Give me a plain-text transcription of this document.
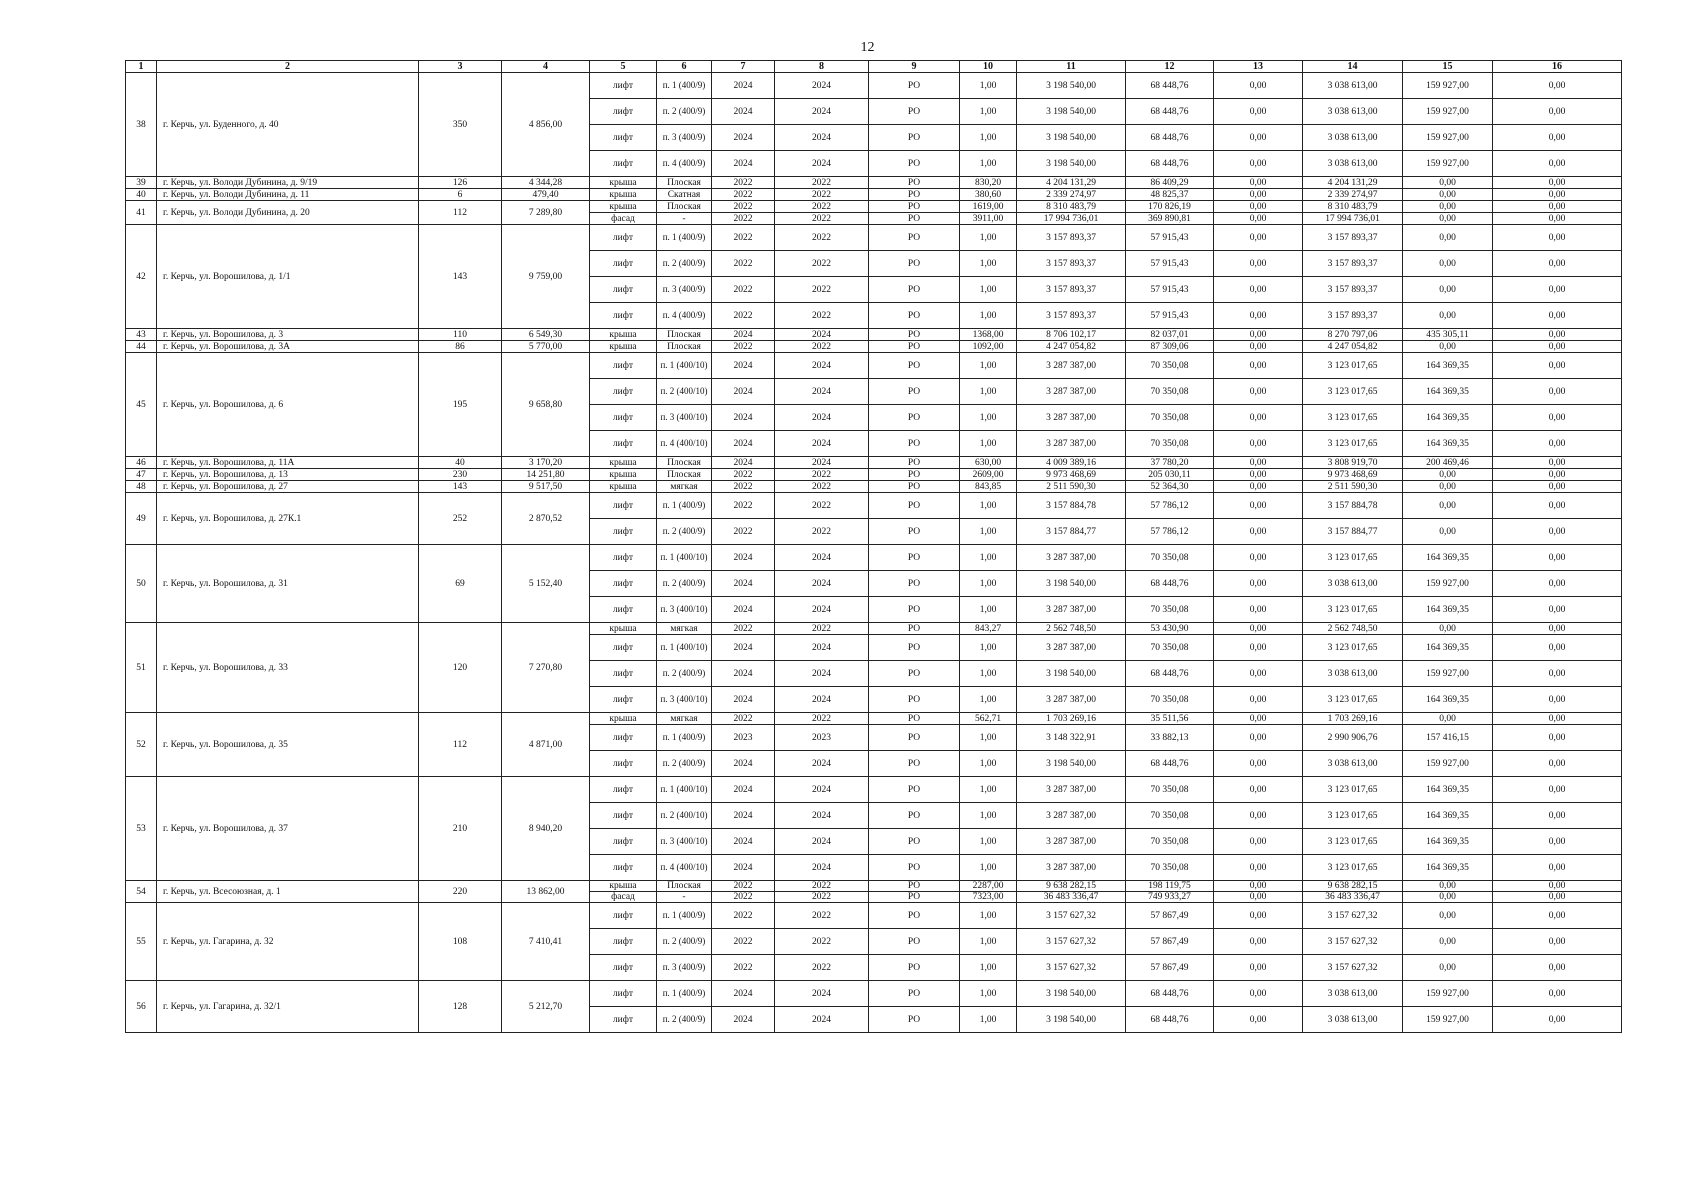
12
1	2	3	4	5	6	7	8	9	10	11	12	13	14	15	16
38	г. Керчь, ул. Буденного, д. 40	350	4 856,00	лифт	п. 1 (400/9)	2024	2024	РО	1,00	3 198 540,00	68 448,76	0,00	3 038 613,00	159 927,00	0,00
				лифт	п. 2 (400/9)	2024	2024	РО	1,00	3 198 540,00	68 448,76	0,00	3 038 613,00	159 927,00	0,00
				лифт	п. 3 (400/9)	2024	2024	РО	1,00	3 198 540,00	68 448,76	0,00	3 038 613,00	159 927,00	0,00
				лифт	п. 4 (400/9)	2024	2024	РО	1,00	3 198 540,00	68 448,76	0,00	3 038 613,00	159 927,00	0,00
39	г. Керчь, ул. Володи Дубинина, д. 9/19	126	4 344,28	крыша	Плоская	2022	2022	РО	830,20	4 204 131,29	86 409,29	0,00	4 204 131,29	0,00	0,00
40	г. Керчь, ул. Володи Дубинина, д. 11	6	479,40	крыша	Скатная	2022	2022	РО	380,60	2 339 274,97	48 825,37	0,00	2 339 274,97	0,00	0,00
41	г. Керчь, ул. Володи Дубинина, д. 20	112	7 289,80	крыша	Плоская	2022	2022	РО	1619,00	8 310 483,79	170 826,19	0,00	8 310 483,79	0,00	0,00
				фасад	-	2022	2022	РО	3911,00	17 994 736,01	369 890,81	0,00	17 994 736,01	0,00	0,00
42	г. Керчь, ул. Ворошилова, д. 1/1	143	9 759,00	лифт	п. 1 (400/9)	2022	2022	РО	1,00	3 157 893,37	57 915,43	0,00	3 157 893,37	0,00	0,00
				лифт	п. 2 (400/9)	2022	2022	РО	1,00	3 157 893,37	57 915,43	0,00	3 157 893,37	0,00	0,00
				лифт	п. 3 (400/9)	2022	2022	РО	1,00	3 157 893,37	57 915,43	0,00	3 157 893,37	0,00	0,00
				лифт	п. 4 (400/9)	2022	2022	РО	1,00	3 157 893,37	57 915,43	0,00	3 157 893,37	0,00	0,00
43	г. Керчь, ул. Ворошилова, д. 3	110	6 549,30	крыша	Плоская	2024	2024	РО	1368,00	8 706 102,17	82 037,01	0,00	8 270 797,06	435 305,11	0,00
44	г. Керчь, ул. Ворошилова, д. 3А	86	5 770,00	крыша	Плоская	2022	2022	РО	1092,00	4 247 054,82	87 309,06	0,00	4 247 054,82	0,00	0,00
45	г. Керчь, ул. Ворошилова, д. 6	195	9 658,80	лифт	п. 1 (400/10)	2024	2024	РО	1,00	3 287 387,00	70 350,08	0,00	3 123 017,65	164 369,35	0,00
				лифт	п. 2 (400/10)	2024	2024	РО	1,00	3 287 387,00	70 350,08	0,00	3 123 017,65	164 369,35	0,00
				лифт	п. 3 (400/10)	2024	2024	РО	1,00	3 287 387,00	70 350,08	0,00	3 123 017,65	164 369,35	0,00
				лифт	п. 4 (400/10)	2024	2024	РО	1,00	3 287 387,00	70 350,08	0,00	3 123 017,65	164 369,35	0,00
46	г. Керчь, ул. Ворошилова, д. 11А	40	3 170,20	крыша	Плоская	2024	2024	РО	630,00	4 009 389,16	37 780,20	0,00	3 808 919,70	200 469,46	0,00
47	г. Керчь, ул. Ворошилова, д. 13	230	14 251,80	крыша	Плоская	2022	2022	РО	2609,00	9 973 468,69	205 030,11	0,00	9 973 468,69	0,00	0,00
48	г. Керчь, ул. Ворошилова, д. 27	143	9 517,50	крыша	мягкая	2022	2022	РО	843,85	2 511 590,30	52 364,30	0,00	2 511 590,30	0,00	0,00
49	г. Керчь, ул. Ворошилова, д. 27К.1	252	2 870,52	лифт	п. 1 (400/9)	2022	2022	РО	1,00	3 157 884,78	57 786,12	0,00	3 157 884,78	0,00	0,00
				лифт	п. 2 (400/9)	2022	2022	РО	1,00	3 157 884,77	57 786,12	0,00	3 157 884,77	0,00	0,00
50	г. Керчь, ул. Ворошилова, д. 31	69	5 152,40	лифт	п. 1 (400/10)	2024	2024	РО	1,00	3 287 387,00	70 350,08	0,00	3 123 017,65	164 369,35	0,00
				лифт	п. 2 (400/9)	2024	2024	РО	1,00	3 198 540,00	68 448,76	0,00	3 038 613,00	159 927,00	0,00
				лифт	п. 3 (400/10)	2024	2024	РО	1,00	3 287 387,00	70 350,08	0,00	3 123 017,65	164 369,35	0,00
51	г. Керчь, ул. Ворошилова, д. 33	120	7 270,80	крыша	мягкая	2022	2022	РО	843,27	2 562 748,50	53 430,90	0,00	2 562 748,50	0,00	0,00
				лифт	п. 1 (400/10)	2024	2024	РО	1,00	3 287 387,00	70 350,08	0,00	3 123 017,65	164 369,35	0,00
				лифт	п. 2 (400/9)	2024	2024	РО	1,00	3 198 540,00	68 448,76	0,00	3 038 613,00	159 927,00	0,00
				лифт	п. 3 (400/10)	2024	2024	РО	1,00	3 287 387,00	70 350,08	0,00	3 123 017,65	164 369,35	0,00
52	г. Керчь, ул. Ворошилова, д. 35	112	4 871,00	крыша	мягкая	2022	2022	РО	562,71	1 703 269,16	35 511,56	0,00	1 703 269,16	0,00	0,00
				лифт	п. 1 (400/9)	2023	2023	РО	1,00	3 148 322,91	33 882,13	0,00	2 990 906,76	157 416,15	0,00
				лифт	п. 2 (400/9)	2024	2024	РО	1,00	3 198 540,00	68 448,76	0,00	3 038 613,00	159 927,00	0,00
53	г. Керчь, ул. Ворошилова, д. 37	210	8 940,20	лифт	п. 1 (400/10)	2024	2024	РО	1,00	3 287 387,00	70 350,08	0,00	3 123 017,65	164 369,35	0,00
				лифт	п. 2 (400/10)	2024	2024	РО	1,00	3 287 387,00	70 350,08	0,00	3 123 017,65	164 369,35	0,00
				лифт	п. 3 (400/10)	2024	2024	РО	1,00	3 287 387,00	70 350,08	0,00	3 123 017,65	164 369,35	0,00
				лифт	п. 4 (400/10)	2024	2024	РО	1,00	3 287 387,00	70 350,08	0,00	3 123 017,65	164 369,35	0,00
54	г. Керчь, ул. Всесоюзная, д. 1	220	13 862,00	крыша	Плоская	2022	2022	РО	2287,00	9 638 282,15	198 119,75	0,00	9 638 282,15	0,00	0,00
				фасад	-	2022	2022	РО	7323,00	36 483 336,47	749 933,27	0,00	36 483 336,47	0,00	0,00
55	г. Керчь, ул. Гагарина, д. 32	108	7 410,41	лифт	п. 1 (400/9)	2022	2022	РО	1,00	3 157 627,32	57 867,49	0,00	3 157 627,32	0,00	0,00
				лифт	п. 2 (400/9)	2022	2022	РО	1,00	3 157 627,32	57 867,49	0,00	3 157 627,32	0,00	0,00
				лифт	п. 3 (400/9)	2022	2022	РО	1,00	3 157 627,32	57 867,49	0,00	3 157 627,32	0,00	0,00
56	г. Керчь, ул. Гагарина, д. 32/1	128	5 212,70	лифт	п. 1 (400/9)	2024	2024	РО	1,00	3 198 540,00	68 448,76	0,00	3 038 613,00	159 927,00	0,00
				лифт	п. 2 (400/9)	2024	2024	РО	1,00	3 198 540,00	68 448,76	0,00	3 038 613,00	159 927,00	0,00
